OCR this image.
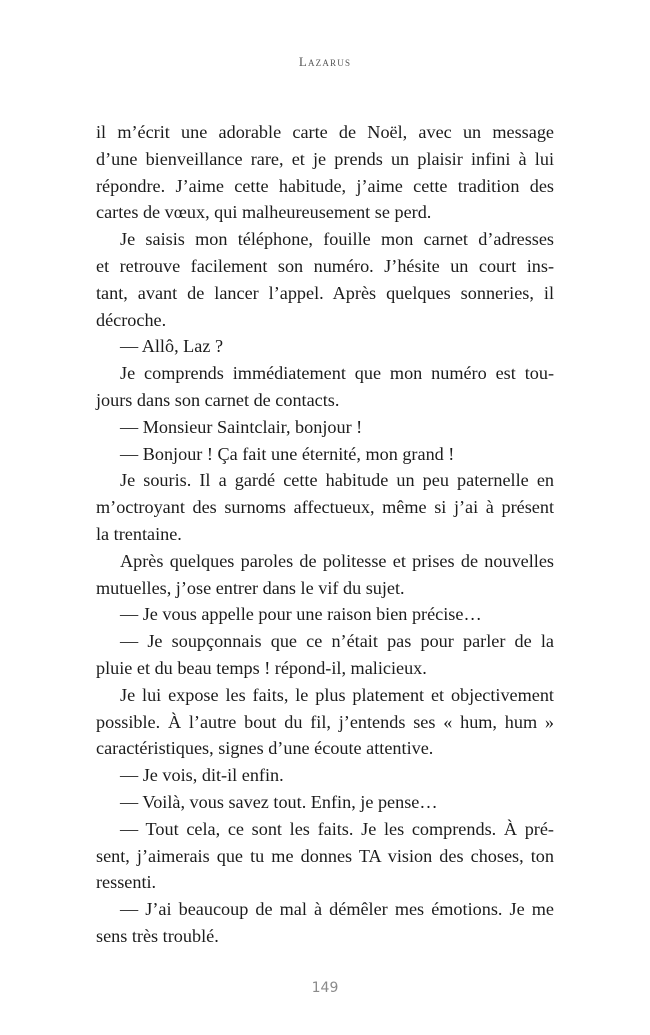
Lazarus
il m’écrit une adorable carte de Noël, avec un message
d’une bienveillance rare, et je prends un plaisir infini à lui
répondre. J’aime cette habitude, j’aime cette tradition des
cartes de vœux, qui malheureusement se perd.
Je saisis mon téléphone, fouille mon carnet d’adresses
et retrouve facilement son numéro. J’hésite un court ins-
tant, avant de lancer l’appel. Après quelques sonneries, il
décroche.
— Allô, Laz ?
Je comprends immédiatement que mon numéro est tou-
jours dans son carnet de contacts.
— Monsieur Saintclair, bonjour !
— Bonjour ! Ça fait une éternité, mon grand !
Je souris. Il a gardé cette habitude un peu paternelle en
m’octroyant des surnoms affectueux, même si j’ai à présent
la trentaine.
Après quelques paroles de politesse et prises de nouvelles
mutuelles, j’ose entrer dans le vif du sujet.
— Je vous appelle pour une raison bien précise…
— Je soupçonnais que ce n’était pas pour parler de la
pluie et du beau temps ! répond-il, malicieux.
Je lui expose les faits, le plus platement et objectivement
possible. À l’autre bout du fil, j’entends ses « hum, hum »
caractéristiques, signes d’une écoute attentive.
— Je vois, dit-il enfin.
— Voilà, vous savez tout. Enfin, je pense…
— Tout cela, ce sont les faits. Je les comprends. À pré-
sent, j’aimerais que tu me donnes TA vision des choses, ton
ressenti.
— J’ai beaucoup de mal à démêler mes émotions. Je me
sens très troublé.
149
